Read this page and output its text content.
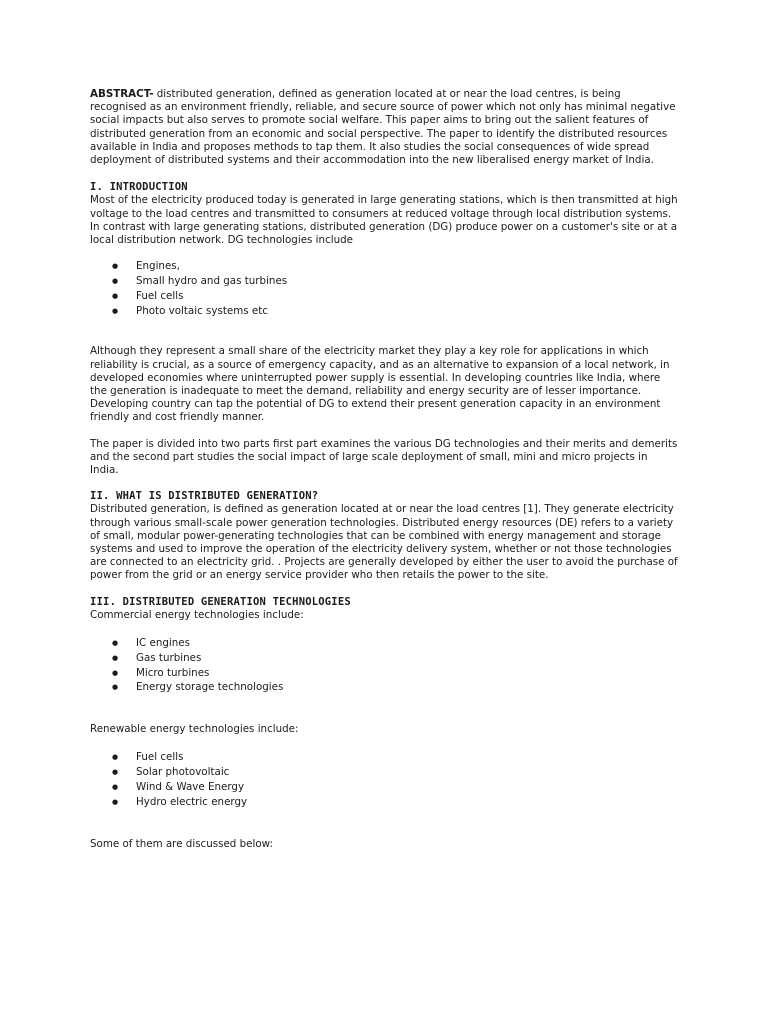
ABSTRACT- distributed generation, defined as generation located at or near the load centres, is being recognised as an environment friendly, reliable, and secure source of power which not only has minimal negative social impacts but also serves to promote social welfare. This paper aims to bring out the salient features of distributed generation from an economic and social perspective. The paper to identify the distributed resources available in India and proposes methods to tap them. It also studies the social consequences of wide spread deployment of distributed systems and their accommodation into the new liberalised energy market of India.

I. INTRODUCTION

Most of the electricity produced today is generated in large generating stations, which is then transmitted at high voltage to the load centres and transmitted to consumers at reduced voltage through local distribution systems. In contrast with large generating stations, distributed generation (DG) produce power on a customer's site or at a local distribution network. DG technologies include

● Engines,
● Small hydro and gas turbines
● Fuel cells
● Photo voltaic systems etc

Although they represent a small share of the electricity market they play a key role for applications in which reliability is crucial, as a source of emergency capacity, and as an alternative to expansion of a local network, in developed economies where uninterrupted power supply is essential. In developing countries like India, where the generation is inadequate to meet the demand, reliability and energy security are of lesser importance. Developing country can tap the potential of DG to extend their present generation capacity in an environment friendly and cost friendly manner.

The paper is divided into two parts first part examines the various DG technologies and their merits and demerits and the second part studies the social impact of large scale deployment of small, mini and micro projects in India.

II. WHAT IS DISTRIBUTED GENERATION?

Distributed generation, is defined as generation located at or near the load centres [1]. They generate electricity through various small-scale power generation technologies. Distributed energy resources (DE) refers to a variety of small, modular power-generating technologies that can be combined with energy management and storage systems and used to improve the operation of the electricity delivery system, whether or not those technologies are connected to an electricity grid. . Projects are generally developed by either the user to avoid the purchase of power from the grid or an energy service provider who then retails the power to the site.

III. DISTRIBUTED GENERATION TECHNOLOGIES

Commercial energy technologies include:

● IC engines
● Gas turbines
● Micro turbines
● Energy storage technologies

Renewable energy technologies include:

● Fuel cells
● Solar photovoltaic
● Wind & Wave Energy
● Hydro electric energy

Some of them are discussed below:
